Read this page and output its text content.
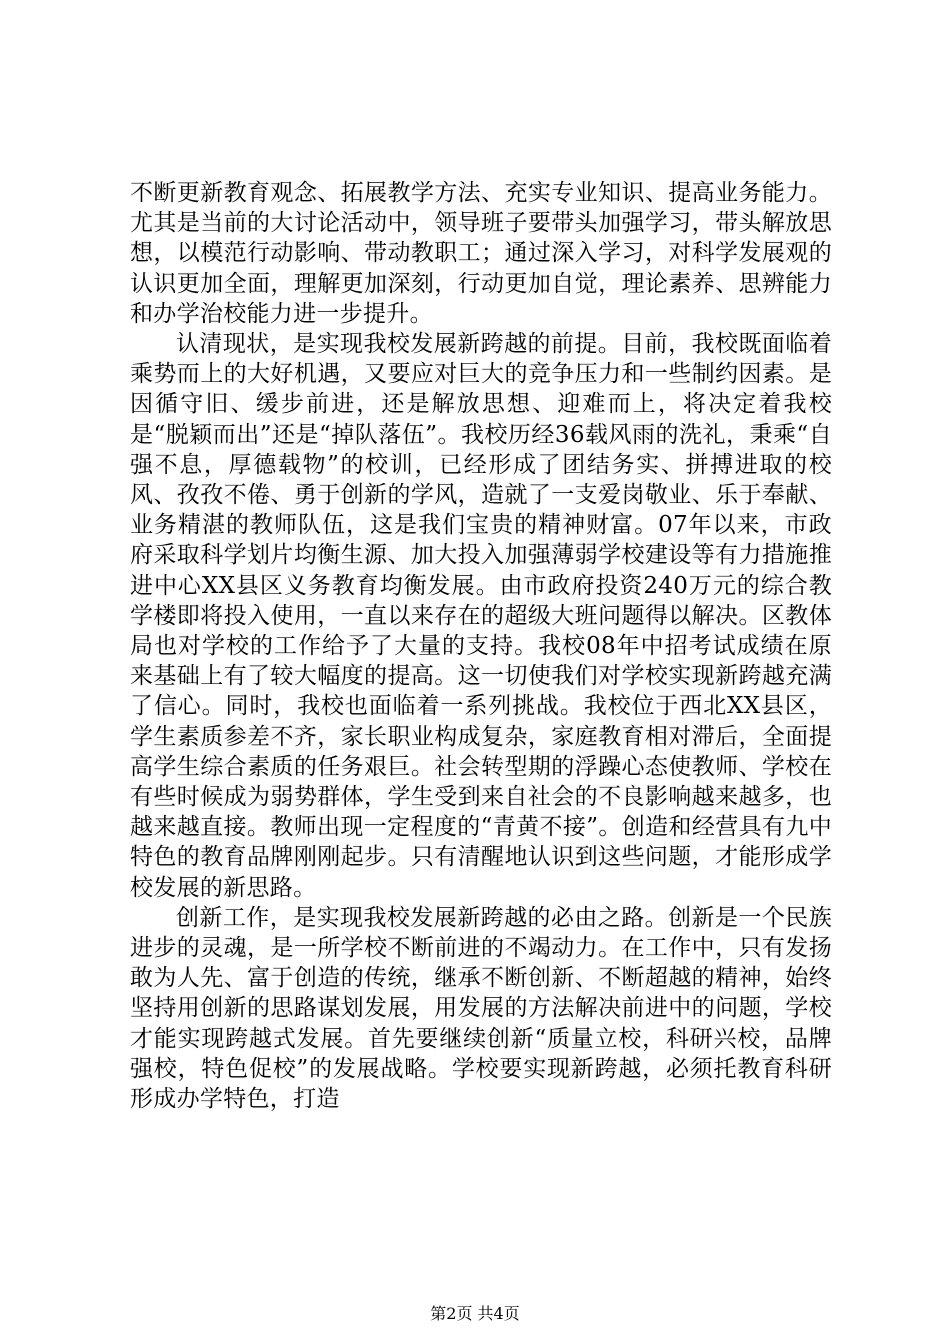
不断更新教育观念、拓展教学方法、充实专业知识、提高业务能力。尤其是当前的大讨论活动中，领导班子要带头加强学习，带头解放思想，以模范行动影响、带动教职工；通过深入学习，对科学发展观的认识更加全面，理解更加深刻，行动更加自觉，理论素养、思辨能力和办学治校能力进一步提升。

认清现状，是实现我校发展新跨越的前提。目前，我校既面临着乘势而上的大好机遇，又要应对巨大的竞争压力和一些制约因素。是因循守旧、缓步前进，还是解放思想、迎难而上，将决定着我校是“脱颖而出”还是“掉队落伍”。我校历经36载风雨的洗礼，秉乘“自强不息，厚德载物”的校训，已经形成了团结务实、拼搏进取的校风、孜孜不倦、勇于创新的学风，造就了一支爱岗敬业、乐于奉献、业务精湛的教师队伍，这是我们宝贵的精神财富。07年以来，市政府采取科学划片均衡生源、加大投入加强薄弱学校建设等有力措施推进中心XX县区义务教育均衡发展。由市政府投资240万元的综合教学楼即将投入使用，一直以来存在的超级大班问题得以解决。区教体局也对学校的工作给予了大量的支持。我校08年中招考试成绩在原来基础上有了较大幅度的提高。这一切使我们对学校实现新跨越充满了信心。同时，我校也面临着一系列挑战。我校位于西北XX县区，学生素质参差不齐，家长职业构成复杂，家庭教育相对滞后，全面提高学生综合素质的任务艰巨。社会转型期的浮躁心态使教师、学校在有些时候成为弱势群体，学生受到来自社会的不良影响越来越多，也越来越直接。教师出现一定程度的“青黄不接”。创造和经营具有九中特色的教育品牌刚刚起步。只有清醒地认识到这些问题，才能形成学校发展的新思路。

创新工作，是实现我校发展新跨越的必由之路。创新是一个民族进步的灵魂，是一所学校不断前进的不竭动力。在工作中，只有发扬敢为人先、富于创造的传统，继承不断创新、不断超越的精神，始终坚持用创新的思路谋划发展，用发展的方法解决前进中的问题，学校才能实现跨越式发展。首先要继续创新“质量立校，科研兴校，品牌强校，特色促校”的发展战略。学校要实现新跨越，必须托教育科研形成办学特色，打造

第2页 共4页
